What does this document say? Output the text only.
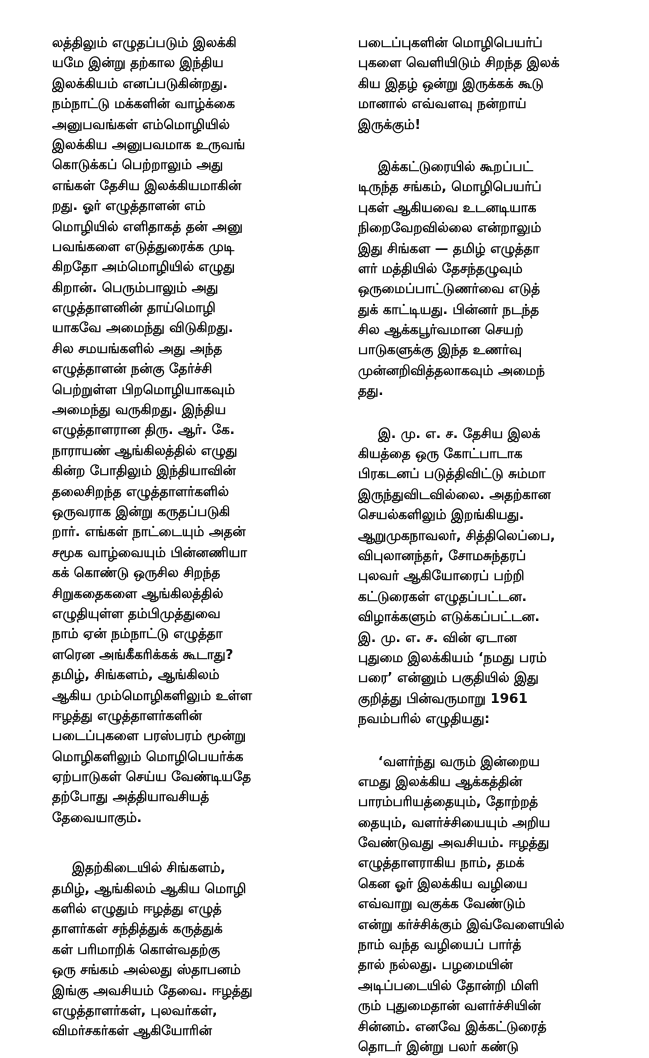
லத்திலும் எழுதப்படும் இலக்கி
யமே இன்று தற்கால இந்திய
இலக்கியம் எனப்படுகின்றது.
நம்நாட்டு மக்களின் வாழ்க்கை
அனுபவங்கள் எம்மொழியில்
இலக்கிய அனுபவமாக உருவங்
கொடுக்கப் பெற்றாலும் அது
எங்கள் தேசிய இலக்கியமாகின்
றது. ஓர் எழுத்தாளன் எம்
மொழியில் எளிதாகத் தன் அனு
பவங்களை எடுத்துரைக்க முடி
கிறதோ அம்மொழியில் எழுது
கிறான். பெரும்பாலும் அது
எழுத்தாளனின் தாய்மொழி
யாகவே அமைந்து விடுகிறது.
சில சமயங்களில் அது அந்த
எழுத்தாளன் நன்கு தேர்ச்சி
பெற்றுள்ள பிறமொழியாகவும்
அமைந்து வருகிறது. இந்திய
எழுத்தாளரான திரு. ஆர். கே.
நாராயண் ஆங்கிலத்தில் எழுது
கின்ற போதிலும் இந்தியாவின்
தலைசிறந்த எழுத்தாளர்களில்
ஒருவராக இன்று கருதப்படுகி
றார். எங்கள் நாட்டையும் அதன்
சமூக வாழ்வையும் பின்னணியா
கக் கொண்டு ஒருசில சிறந்த
சிறுகதைகளை ஆங்கிலத்தில்
எழுதியுள்ள தம்பிமுத்துவை
நாம் ஏன் நம்நாட்டு எழுத்தா
ளரென அங்கீகரிக்கக் கூடாது?
தமிழ், சிங்களம், ஆங்கிலம்
ஆகிய மும்மொழிகளிலும் உள்ள
ஈழத்து எழுத்தாளர்களின்
படைப்புகளை பரஸ்பரம் மூன்று
மொழிகளிலும் மொழிபெயர்க்க
ஏற்பாடுகள் செய்ய வேண்டியதே
தற்போது அத்தியாவசியத்
தேவையாகும்.
இதற்கிடையில் சிங்களம்,
தமிழ், ஆங்கிலம் ஆகிய மொழி
களில் எழுதும் ஈழத்து எழுத்
தாளர்கள் சந்தித்துக் கருத்துக்
கள் பரிமாறிக் கொள்வதற்கு
ஒரு சங்கம் அல்லது ஸ்தாபனம்
இங்கு அவசியம் தேவை. ஈழத்து
எழுத்தாளர்கள், புலவர்கள்,
விமர்சகர்கள் ஆகியோரின்
படைப்புகளின் மொழிபெயர்ப்
புகளை வெளியிடும் சிறந்த இலக்
கிய இதழ் ஒன்று இருக்கக் கூடு
மானால் எவ்வளவு நன்றாய்
இருக்கும்!
இக்கட்டுரையில் கூறப்பட்
டிருந்த சங்கம், மொழிபெயர்ப்
புகள் ஆகியவை உடனடியாக
நிறைவேறவில்லை என்றாலும்
இது சிங்கள — தமிழ் எழுத்தா
ளர் மத்தியில் தேசந்தழுவும்
ஒருமைப்பாட்டுணர்வை எடுத்
துக் காட்டியது. பின்னர் நடந்த
சில ஆக்கபூர்வமான செயற்
பாடுகளுக்கு இந்த உணர்வு
முன்னறிவித்தலாகவும் அமைந்
தது.
இ. மு. எ. ச. தேசிய இலக்
கியத்தை ஒரு கோட்பாடாக
பிரகடனப் படுத்திவிட்டு சும்மா
இருந்துவிடவில்லை. அதற்கான
செயல்களிலும் இறங்கியது.
ஆறுமுகநாவலர், சித்திலெப்பை,
விபுலானந்தர், சோமசுந்தரப்
புலவர் ஆகியோரைப் பற்றி
கட்டுரைகள் எழுதப்பட்டன.
விழாக்களும் எடுக்கப்பட்டன.
இ. மு. எ. ச. வின் ஏடான
புதுமை இலக்கியம் ‘நமது பரம்
பரை’ என்னும் பகுதியில் இது
குறித்து பின்வருமாறு 1961
நவம்பரில் எழுதியது:
‘வளர்ந்து வரும் இன்றைய
எமது இலக்கிய ஆக்கத்தின்
பாரம்பரியத்தையும், தோற்றத்
தையும், வளர்ச்சியையும் அறிய
வேண்டுவது அவசியம். ஈழத்து
எழுத்தாளராகிய நாம், தமக்
கென ஓர் இலக்கிய வழியை
எவ்வாறு வகுக்க வேண்டும்
என்று கர்ச்சிக்கும் இவ்வேளையில்
நாம் வந்த வழியைப் பார்த்
தால் நல்லது. பழமையின்
அடிப்படையில் தோன்றி மிளி
ரும் புதுமைதான் வளர்ச்சியின்
சின்னம். எனவே இக்கட்டுரைத்
தொடர் இன்று பலர் கண்டு
